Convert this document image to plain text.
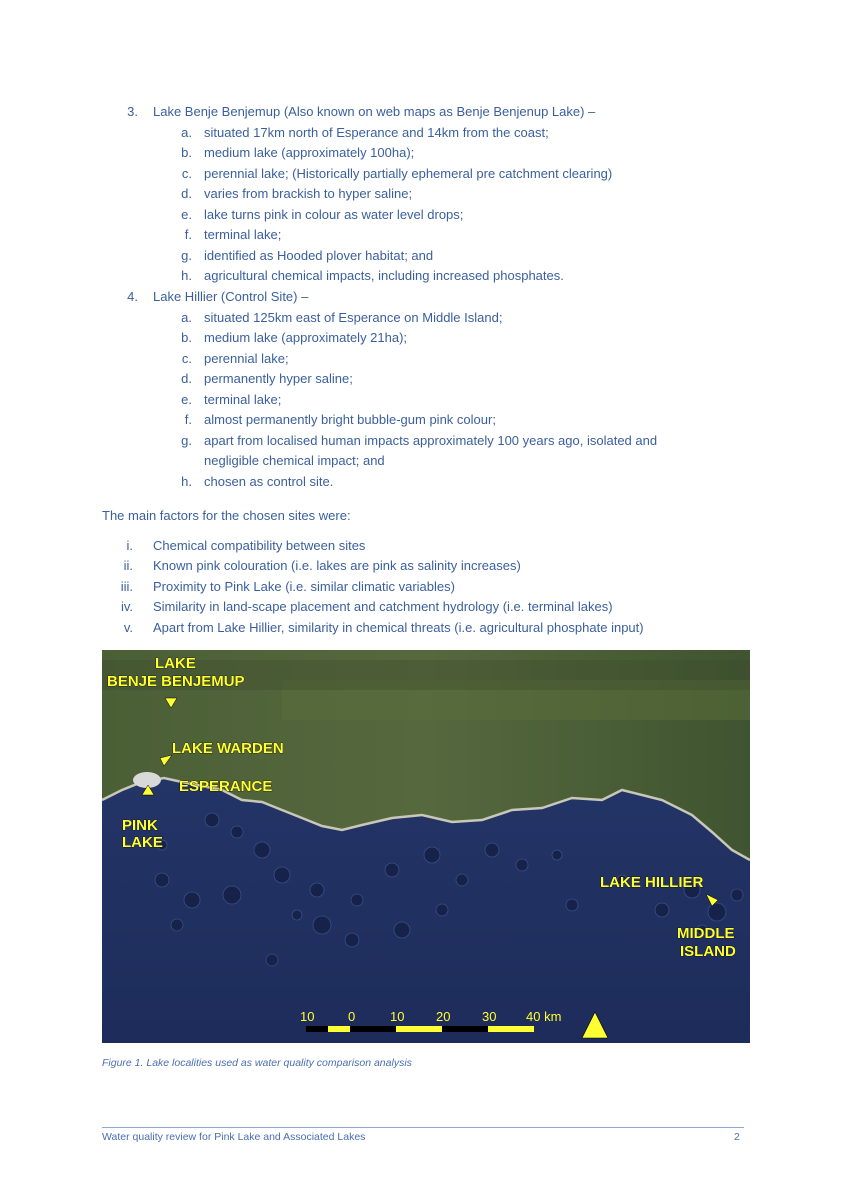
3. Lake Benje Benjemup (Also known on web maps as Benje Benjenup Lake) –
a. situated 17km north of Esperance and 14km from the coast;
b. medium lake (approximately 100ha);
c. perennial lake; (Historically partially ephemeral pre catchment clearing)
d. varies from brackish to hyper saline;
e. lake turns pink in colour as water level drops;
f. terminal lake;
g. identified as Hooded plover habitat; and
h. agricultural chemical impacts, including increased phosphates.
4. Lake Hillier (Control Site) –
a. situated 125km east of Esperance on Middle Island;
b. medium lake (approximately 21ha);
c. perennial lake;
d. permanently hyper saline;
e. terminal lake;
f. almost permanently bright bubble-gum pink colour;
g. apart from localised human impacts approximately 100 years ago, isolated and
negligible chemical impact; and
h. chosen as control site.
The main factors for the chosen sites were:
i. Chemical compatibility between sites
ii. Known pink colouration (i.e. lakes are pink as salinity increases)
iii. Proximity to Pink Lake (i.e. similar climatic variables)
iv. Similarity in land-scape placement and catchment hydrology (i.e. terminal lakes)
v. Apart from Lake Hillier, similarity in chemical threats (i.e. agricultural phosphate input)
LAKE
BENJE BENJEMUP
LAKE WARDEN
ESPERANCE
PINK
LAKE
LAKE HILLIER
MIDDLE
ISLAND
10	0	10 20 30 40 km
Figure 1. Lake localities used as water quality comparison analysis
Water quality review for Pink Lake and Associated Lakes	2
